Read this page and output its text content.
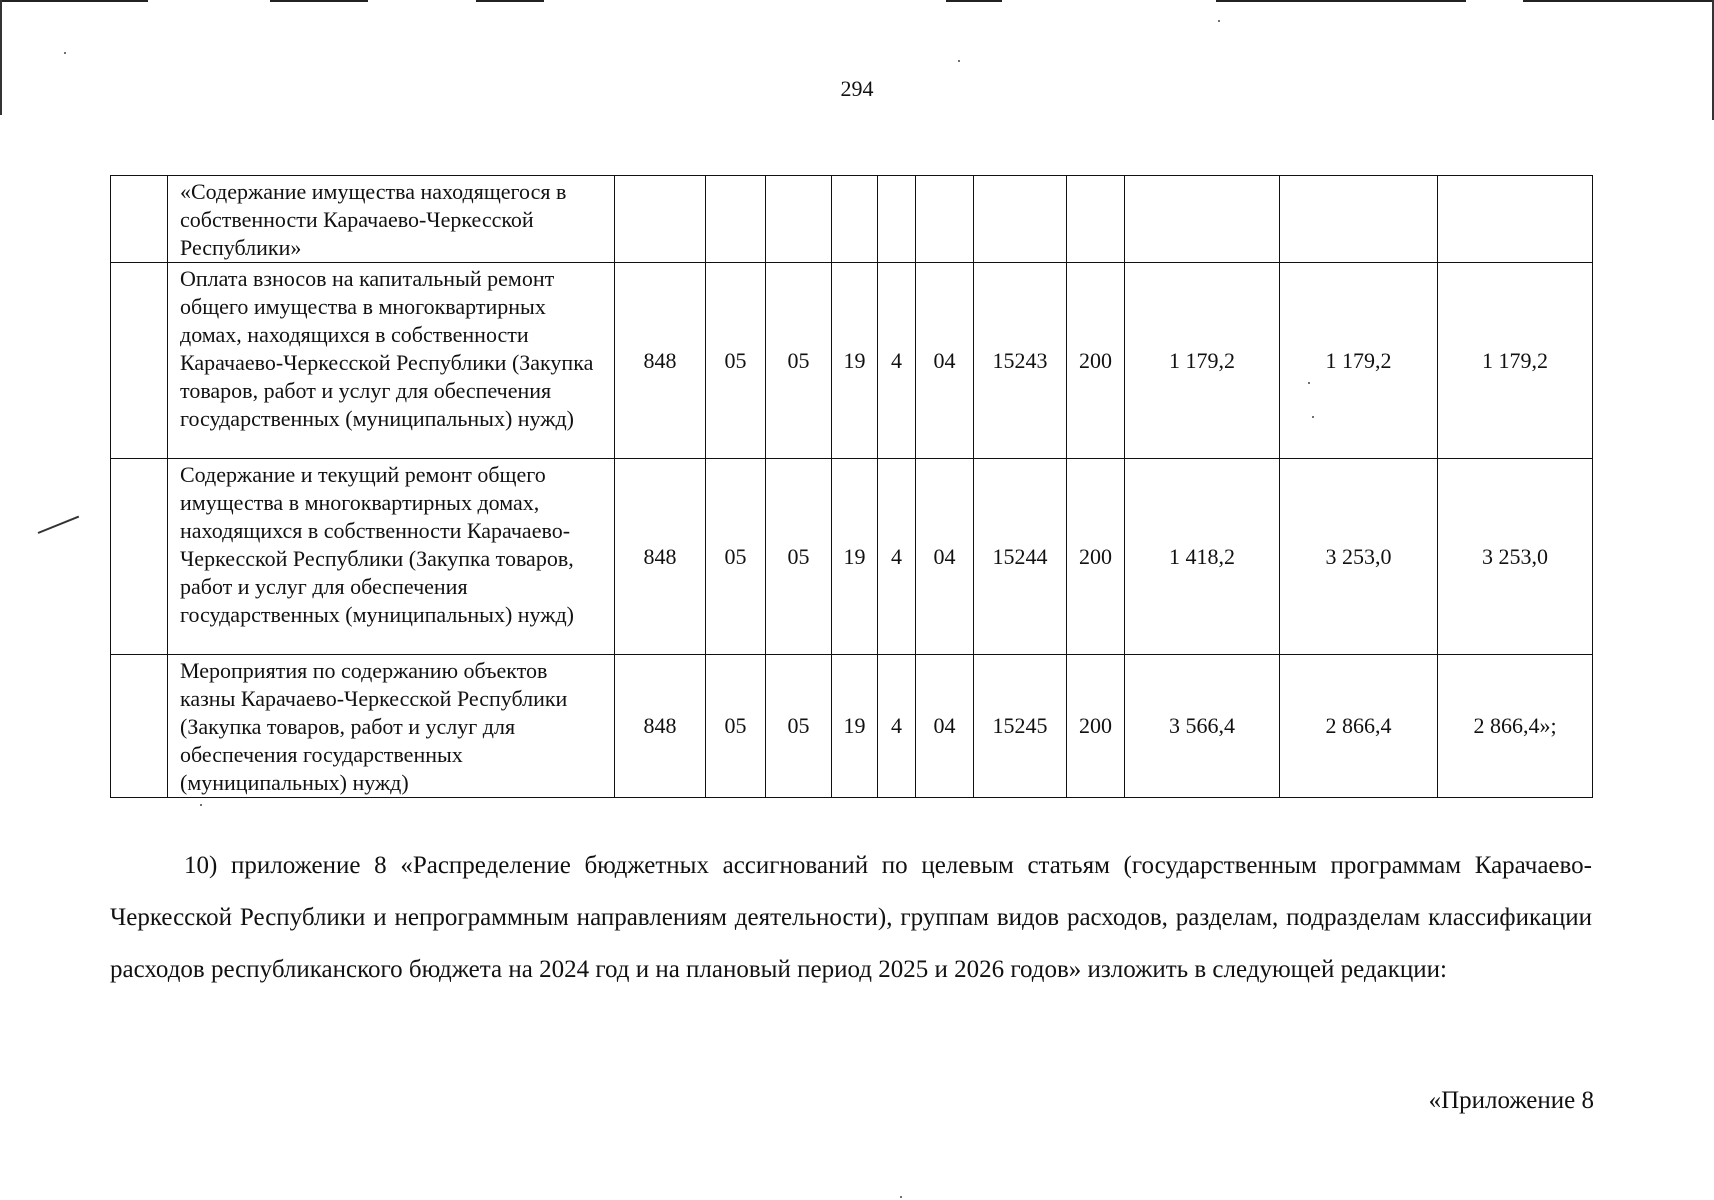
294
	«Содержание имущества находящегося в собственности Карачаево-Черкесской Республики»											
	Оплата взносов на капитальный ремонт общего имущества в многоквартирных домах, находящихся в собственности Карачаево-Черкесской Республики (Закупка товаров, работ и услуг для обеспечения государственных (муниципальных) нужд)	848	05	05	19	4	04	15243	200	1 179,2	1 179,2	1 179,2
	Содержание и текущий ремонт общего имущества в многоквартирных домах, находящихся в собственности Карачаево-Черкесской Республики (Закупка товаров, работ и услуг для обеспечения государственных (муниципальных) нужд)	848	05	05	19	4	04	15244	200	1 418,2	3 253,0	3 253,0
	Мероприятия по содержанию объектов казны Карачаево-Черкесской Республики (Закупка товаров, работ и услуг для обеспечения государственных (муниципальных) нужд)	848	05	05	19	4	04	15245	200	3 566,4	2 866,4	2 866,4»;

10) приложение 8 «Распределение бюджетных ассигнований по целевым статьям (государственным программам Карачаево-Черкесской Республики и непрограммным направлениям деятельности), группам видов расходов, разделам, подразделам классификации расходов республиканского бюджета на 2024 год и на плановый период 2025 и 2026 годов» изложить в следующей редакции:

«Приложение 8
